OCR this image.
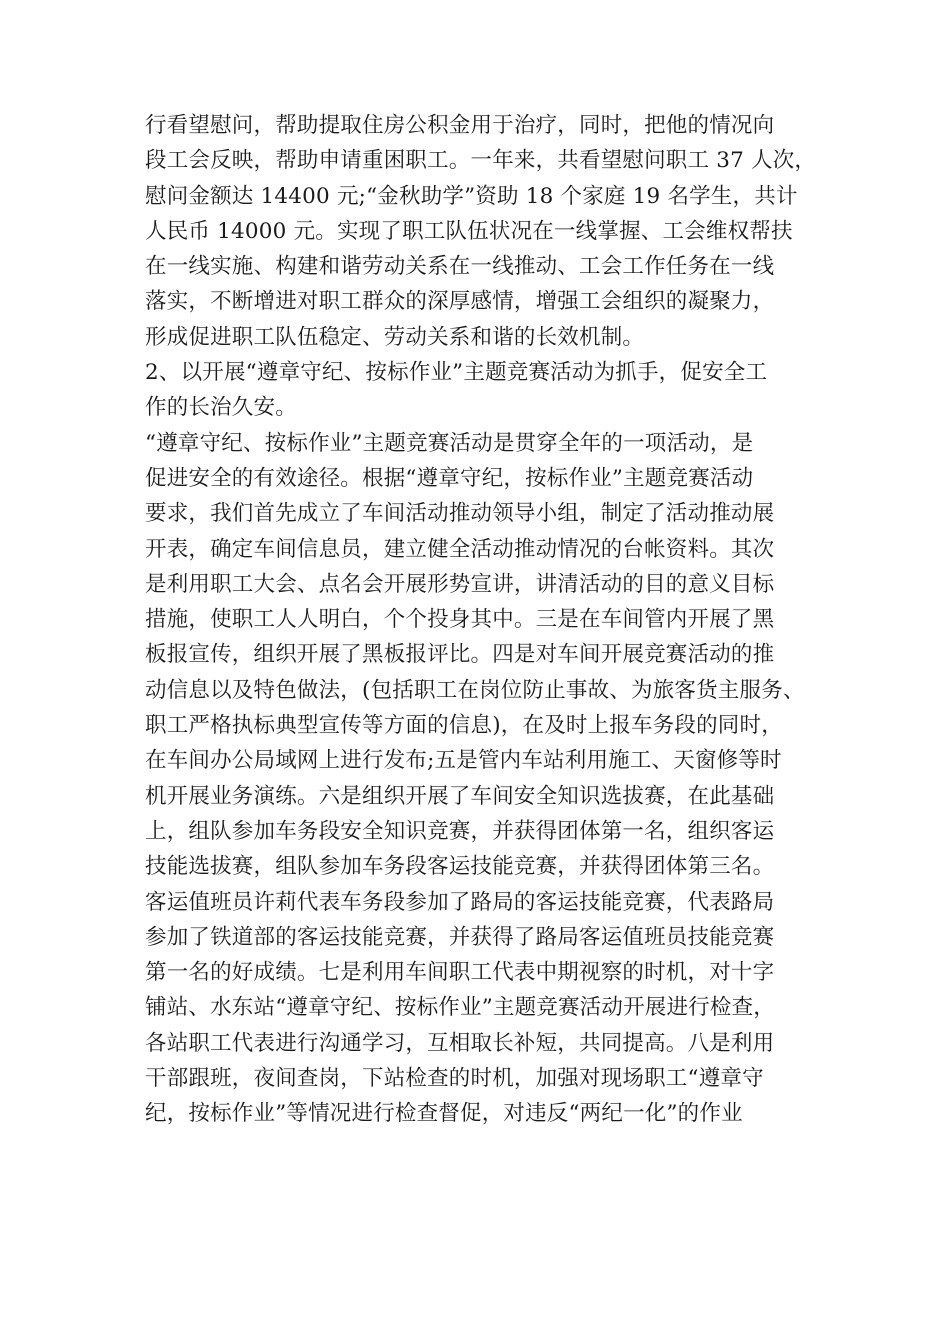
行看望慰问，帮助提取住房公积金用于治疗，同时，把他的情况向
段工会反映，帮助申请重困职工。一年来，共看望慰问职工 37 人次，
慰问金额达 14400 元;“金秋助学”资助 18 个家庭 19 名学生，共计
人民币 14000 元。实现了职工队伍状况在一线掌握、工会维权帮扶
在一线实施、构建和谐劳动关系在一线推动、工会工作任务在一线
落实，不断增进对职工群众的深厚感情，增强工会组织的凝聚力，
形成促进职工队伍稳定、劳动关系和谐的长效机制。
2、以开展“遵章守纪、按标作业”主题竞赛活动为抓手，促安全工
作的长治久安。
“遵章守纪、按标作业”主题竞赛活动是贯穿全年的一项活动，是
促进安全的有效途径。根据“遵章守纪，按标作业”主题竞赛活动
要求，我们首先成立了车间活动推动领导小组，制定了活动推动展
开表，确定车间信息员，建立健全活动推动情况的台帐资料。其次
是利用职工大会、点名会开展形势宣讲，讲清活动的目的意义目标
措施，使职工人人明白，个个投身其中。三是在车间管内开展了黑
板报宣传，组织开展了黑板报评比。四是对车间开展竞赛活动的推
动信息以及特色做法，(包括职工在岗位防止事故、为旅客货主服务、
职工严格执标典型宣传等方面的信息)，在及时上报车务段的同时，
在车间办公局域网上进行发布;五是管内车站利用施工、天窗修等时
机开展业务演练。六是组织开展了车间安全知识选拔赛，在此基础
上，组队参加车务段安全知识竞赛，并获得团体第一名，组织客运
技能选拔赛，组队参加车务段客运技能竞赛，并获得团体第三名。
客运值班员许莉代表车务段参加了路局的客运技能竞赛，代表路局
参加了铁道部的客运技能竞赛，并获得了路局客运值班员技能竞赛
第一名的好成绩。七是利用车间职工代表中期视察的时机，对十字
铺站、水东站“遵章守纪、按标作业”主题竞赛活动开展进行检查，
各站职工代表进行沟通学习，互相取长补短，共同提高。八是利用
干部跟班，夜间查岗，下站检查的时机，加强对现场职工“遵章守
纪，按标作业”等情况进行检查督促，对违反“两纪一化”的作业
